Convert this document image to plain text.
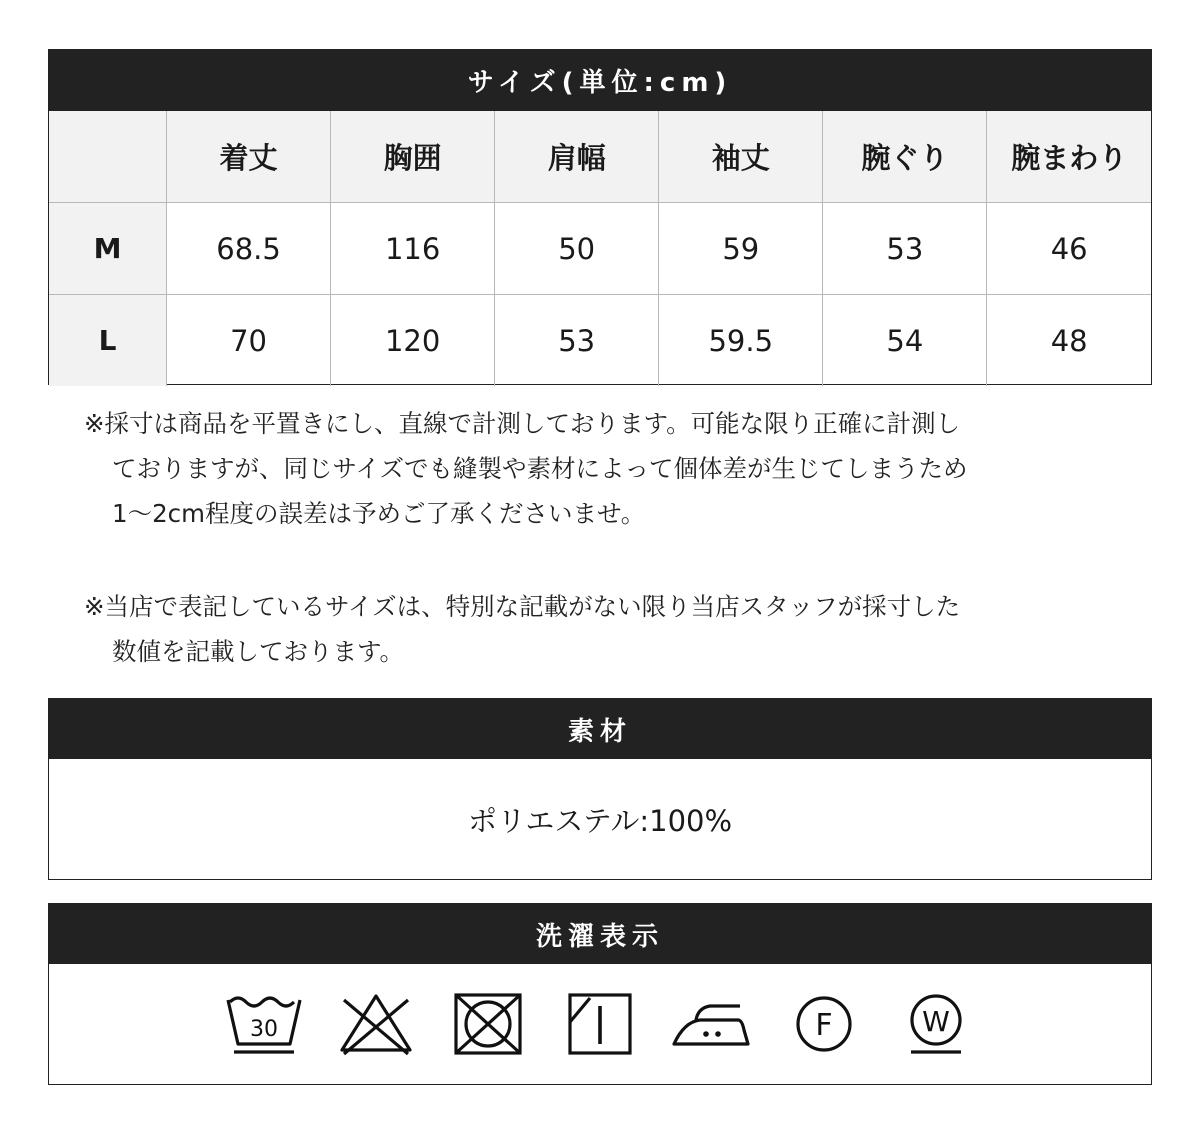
サイズ(単位:cm)
	着丈	胸囲	肩幅	袖丈	腕ぐり	腕まわり
M	68.5	116	50	59	53	46
L	70	120	53	59.5	54	48
※採寸は商品を平置きにし、直線で計測しております。可能な限り正確に計測し
ておりますが、同じサイズでも縫製や素材によって個体差が生じてしまうため
1〜2cm程度の誤差は予めご了承くださいませ。
※当店で表記しているサイズは、特別な記載がない限り当店スタッフが採寸した
数値を記載しております。
素材
ポリエステル:100%
洗濯表示
30	F	W
